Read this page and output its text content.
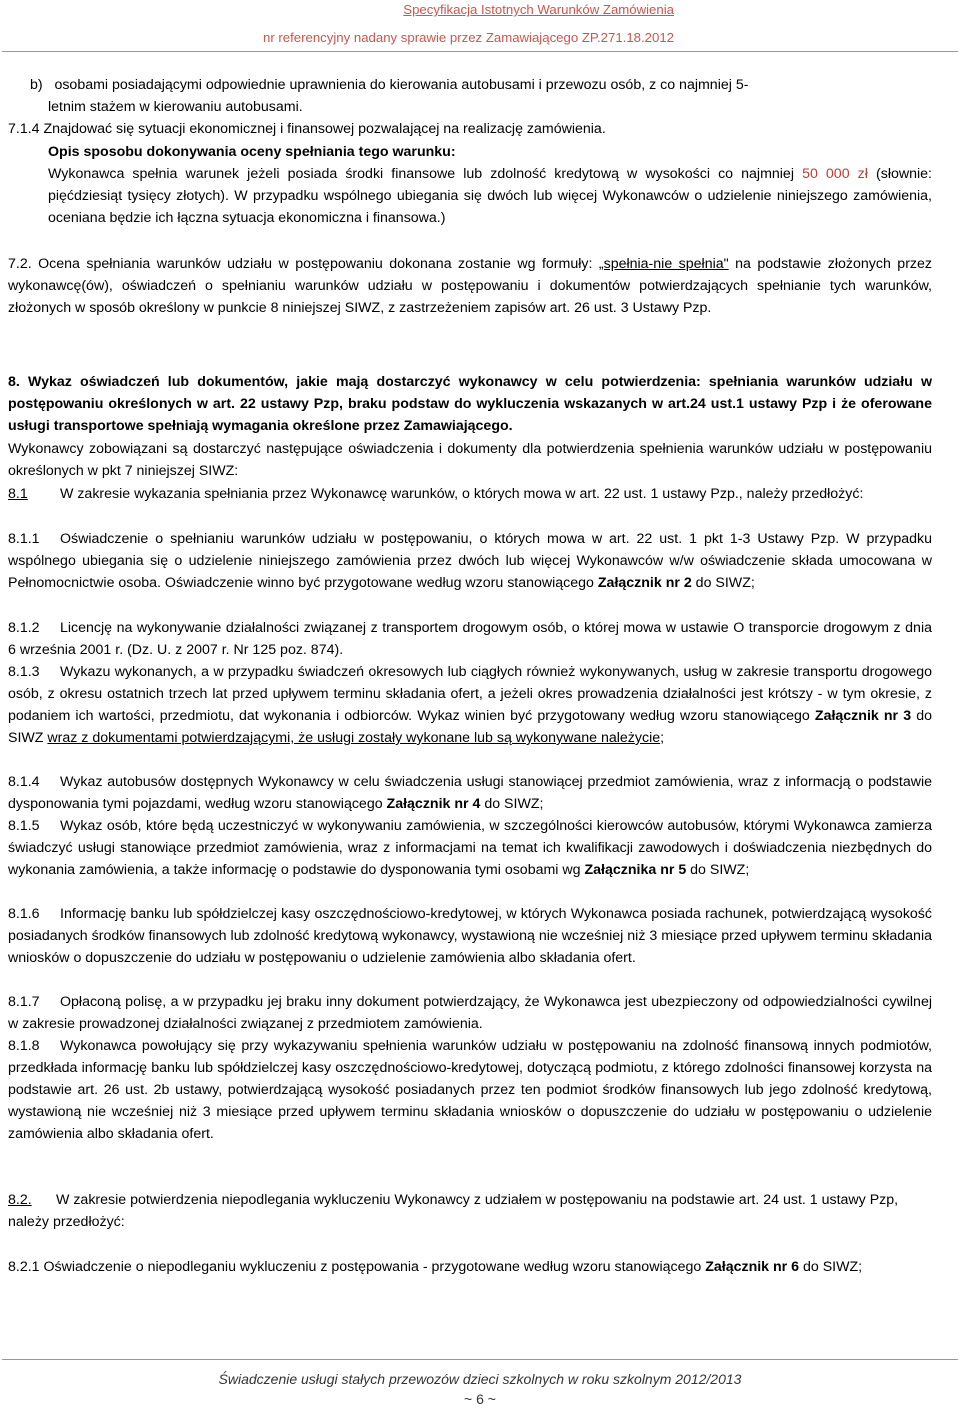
Specyfikacja Istotnych Warunków Zamówienia
nr referencyjny nadany sprawie przez Zamawiającego ZP.271.18.2012
b)   osobami posiadającymi odpowiednie uprawnienia do kierowania autobusami i przewozu osób, z co najmniej 5-
letnim stażem w kierowaniu autobusami.
7.1.4 Znajdować się sytuacji ekonomicznej i finansowej pozwalającej na realizację zamówienia.
Opis sposobu dokonywania oceny spełniania tego warunku:
Wykonawca spełnia warunek jeżeli posiada środki finansowe lub zdolność kredytową w wysokości co najmniej 50 000 zł (słownie: pięćdziesiąt tysięcy złotych). W przypadku wspólnego ubiegania się dwóch lub więcej Wykonawców o udzielenie niniejszego zamówienia, oceniana będzie ich łączna sytuacja ekonomiczna i finansowa.)
7.2. Ocena spełniania warunków udziału w postępowaniu dokonana zostanie wg formuły: „spełnia-nie spełnia" na podstawie złożonych przez wykonawcę(ów), oświadczeń o spełnianiu warunków udziału w postępowaniu i dokumentów potwierdzających spełnianie tych warunków, złożonych w sposób określony w punkcie 8 niniejszej SIWZ, z zastrzeżeniem zapisów art. 26 ust. 3 Ustawy Pzp.
8. Wykaz oświadczeń lub dokumentów, jakie mają dostarczyć wykonawcy w celu potwierdzenia: spełniania warunków udziału w postępowaniu określonych w art. 22 ustawy Pzp, braku podstaw do wykluczenia wskazanych w art.24 ust.1 ustawy Pzp i że oferowane usługi transportowe spełniają wymagania określone przez Zamawiającego.
Wykonawcy zobowiązani są dostarczyć następujące oświadczenia i dokumenty dla potwierdzenia spełnienia warunków udziału w postępowaniu określonych w pkt 7 niniejszej SIWZ:
8.1 W zakresie wykazania spełniania przez Wykonawcę warunków, o których mowa w art. 22 ust. 1 ustawy Pzp., należy przedłożyć:
8.1.1 Oświadczenie o spełnianiu warunków udziału w postępowaniu, o których mowa w art. 22 ust. 1 pkt 1-3 Ustawy Pzp. W przypadku wspólnego ubiegania się o udzielenie niniejszego zamówienia przez dwóch lub więcej Wykonawców w/w oświadczenie składa umocowana w Pełnomocnictwie osoba. Oświadczenie winno być przygotowane według wzoru stanowiącego Załącznik nr 2 do SIWZ;
8.1.2 Licencję na wykonywanie działalności związanej z transportem drogowym osób, o której mowa w ustawie O transporcie drogowym z dnia 6 września 2001 r. (Dz. U. z 2007 r. Nr 125 poz. 874).
8.1.3 Wykazu wykonanych, a w przypadku świadczeń okresowych lub ciągłych również wykonywanych, usług w zakresie transportu drogowego osób, z okresu ostatnich trzech lat przed upływem terminu składania ofert, a jeżeli okres prowadzenia działalności jest krótszy - w tym okresie, z podaniem ich wartości, przedmiotu, dat wykonania i odbiorców. Wykaz winien być przygotowany według wzoru stanowiącego Załącznik nr 3 do SIWZ wraz z dokumentami potwierdzającymi, że usługi zostały wykonane lub są wykonywane należycie;
8.1.4 Wykaz autobusów dostępnych Wykonawcy w celu świadczenia usługi stanowiącej przedmiot zamówienia, wraz z informacją o podstawie dysponowania tymi pojazdami, według wzoru stanowiącego Załącznik nr 4 do SIWZ;
8.1.5 Wykaz osób, które będą uczestniczyć w wykonywaniu zamówienia, w szczególności kierowców autobusów, którymi Wykonawca zamierza świadczyć usługi stanowiące przedmiot zamówienia, wraz z informacjami na temat ich kwalifikacji zawodowych i doświadczenia niezbędnych do wykonania zamówienia, a także informację o podstawie do dysponowania tymi osobami wg Załącznika nr 5 do SIWZ;
8.1.6 Informację banku lub spółdzielczej kasy oszczędnościowo-kredytowej, w których Wykonawca posiada rachunek, potwierdzającą wysokość posiadanych środków finansowych lub zdolność kredytową wykonawcy, wystawioną nie wcześniej niż 3 miesiące przed upływem terminu składania wniosków o dopuszczenie do udziału w postępowaniu o udzielenie zamówienia albo składania ofert.
8.1.7 Opłaconą polisę, a w przypadku jej braku inny dokument potwierdzający, że Wykonawca jest ubezpieczony od odpowiedzialności cywilnej w zakresie prowadzonej działalności związanej z przedmiotem zamówienia.
8.1.8 Wykonawca powołujący się przy wykazywaniu spełnienia warunków udziału w postępowaniu na zdolność finansową innych podmiotów, przedkłada informację banku lub spółdzielczej kasy oszczędnościowo-kredytowej, dotyczącą podmiotu, z którego zdolności finansowej korzysta na podstawie art. 26 ust. 2b ustawy, potwierdzającą wysokość posiadanych przez ten podmiot środków finansowych lub jego zdolność kredytową, wystawioną nie wcześniej niż 3 miesiące przed upływem terminu składania wniosków o dopuszczenie do udziału w postępowaniu o udzielenie zamówienia albo składania ofert.
8.2. W zakresie potwierdzenia niepodlegania wykluczeniu Wykonawcy z udziałem w postępowaniu na podstawie art. 24 ust. 1 ustawy Pzp, należy przedłożyć:
8.2.1 Oświadczenie o niepodleganiu wykluczeniu z postępowania - przygotowane według wzoru stanowiącego Załącznik nr 6 do SIWZ;
Świadczenie usługi stałych przewozów dzieci szkolnych w roku szkolnym 2012/2013
~ 6 ~
